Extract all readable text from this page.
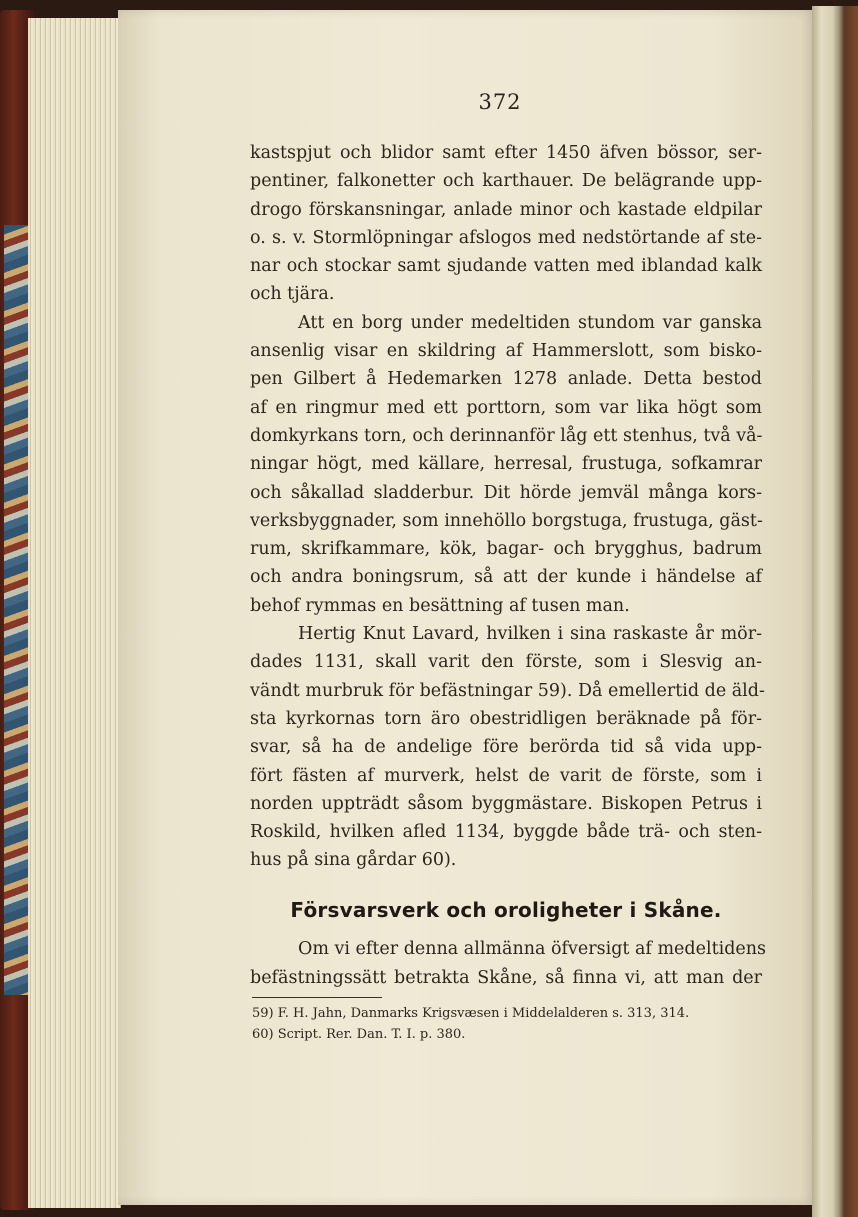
372
kastspjut och blidor samt efter 1450 äfven bössor, ser-
pentiner, falkonetter och karthauer. De belägrande upp-
drogo förskansningar, anlade minor och kastade eldpilar
o. s. v. Stormlöpningar afslogos med nedstörtande af ste-
nar och stockar samt sjudande vatten med iblandad kalk
och tjära.
Att en borg under medeltiden stundom var ganska
ansenlig visar en skildring af Hammerslott, som bisko-
pen Gilbert å Hedemarken 1278 anlade. Detta bestod
af en ringmur med ett porttorn, som var lika högt som
domkyrkans torn, och derinnanför låg ett stenhus, två vå-
ningar högt, med källare, herresal, frustuga, sofkamrar
och såkallad sladderbur. Dit hörde jemväl många kors-
verksbyggnader, som innehöllo borgstuga, frustuga, gäst-
rum, skrifkammare, kök, bagar- och brygghus, badrum
och andra boningsrum, så att der kunde i händelse af
behof rymmas en besättning af tusen man.
Hertig Knut Lavard, hvilken i sina raskaste år mör-
dades 1131, skall varit den förste, som i Slesvig an-
vändt murbruk för befästningar 59). Då emellertid de äld-
sta kyrkornas torn äro obestridligen beräknade på för-
svar, så ha de andelige före berörda tid så vida upp-
fört fästen af murverk, helst de varit de förste, som i
norden uppträdt såsom byggmästare. Biskopen Petrus i
Roskild, hvilken afled 1134, byggde både trä- och sten-
hus på sina gårdar 60).
Försvarsverk och oroligheter i Skåne.
Om vi efter denna allmänna öfversigt af medeltidens
befästningssätt betrakta Skåne, så finna vi, att man der
59) F. H. Jahn, Danmarks Krigsvæsen i Middelalderen s. 313, 314.
60) Script. Rer. Dan. T. I. p. 380.
